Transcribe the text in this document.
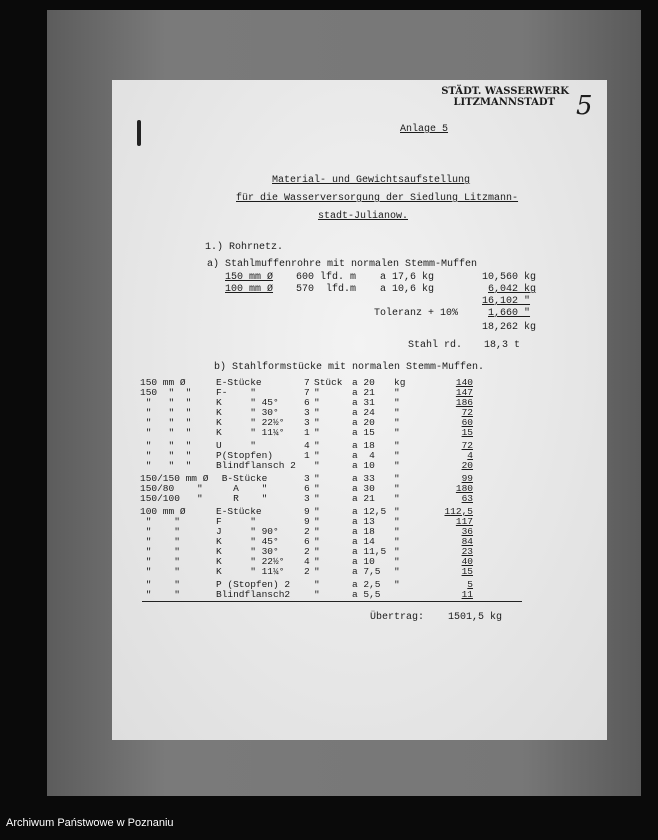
STÄDT. WASSERWERK
LITZMANNSTADT 5
Anlage 5
Material- und Gewichtsaufstellung
für die Wasserversorgung der Siedlung Litzmann-
stadt-Julianow.
1.) Rohrnetz.
a) Stahlmuffenrohre mit normalen Stemm-Muffen
150 mm Ø 600 lfd. m a 17,6 kg	10,560 kg
100 mm Ø 570  lfd.m a 10,6 kg	6,042 kg
16,102 "
Toleranz + 10%	1,660 "
18,262 kg
Stahl rd. 18,3 t
b) Stahlformstücke mit normalen Stemm-Muffen.
150 mm Ø	E-Stücke	7 Stück a 20 kg	140
150  "  "	F-    "	7 "	a 21 "	147
"   "  "	K     " 45°	6 "	a 31 "	186
"   "  "	K     " 30°	3 "	a 24 "	72
"   "  "	K     " 22½° 3 "	a 20 "	60
"   "  "	K     " 11¼° 1 "	a 15 "	15
"   "  "	U     "	4 "	a 18 "	72
"   "  "	P(Stopfen)	1 "	a  4 "	4
"   "  "	Blindflansch 2 "	a 10 "	20
150/150 mm Ø B-Stücke	3 "	a 33 "	99
150/80    " A    "	6 "	a 30 "	180
150/100   " R    "	3 "	a 21 "	63
100 mm Ø	E-Stücke	9 "	a 12,5 "	112,5
"    "	F     "	9 "	a 13 "	117
"    "	J     " 90°	2 "	a 18 "	36
"    "	K     " 45°	6 "	a 14 "	84
"    "	K     " 30°	2 "	a 11,5 "	23
"    "	K     " 22½° 4 "	a 10 "	40
"    "	K     " 11¼° 2 "	a 7,5 "	15
"    "	P (Stopfen) 2	"	a 2,5 "	5
"    "	Blindflansch2	"	a 5,5	11
Übertrag: 1501,5 kg
Archiwum Państwowe w Poznaniu
